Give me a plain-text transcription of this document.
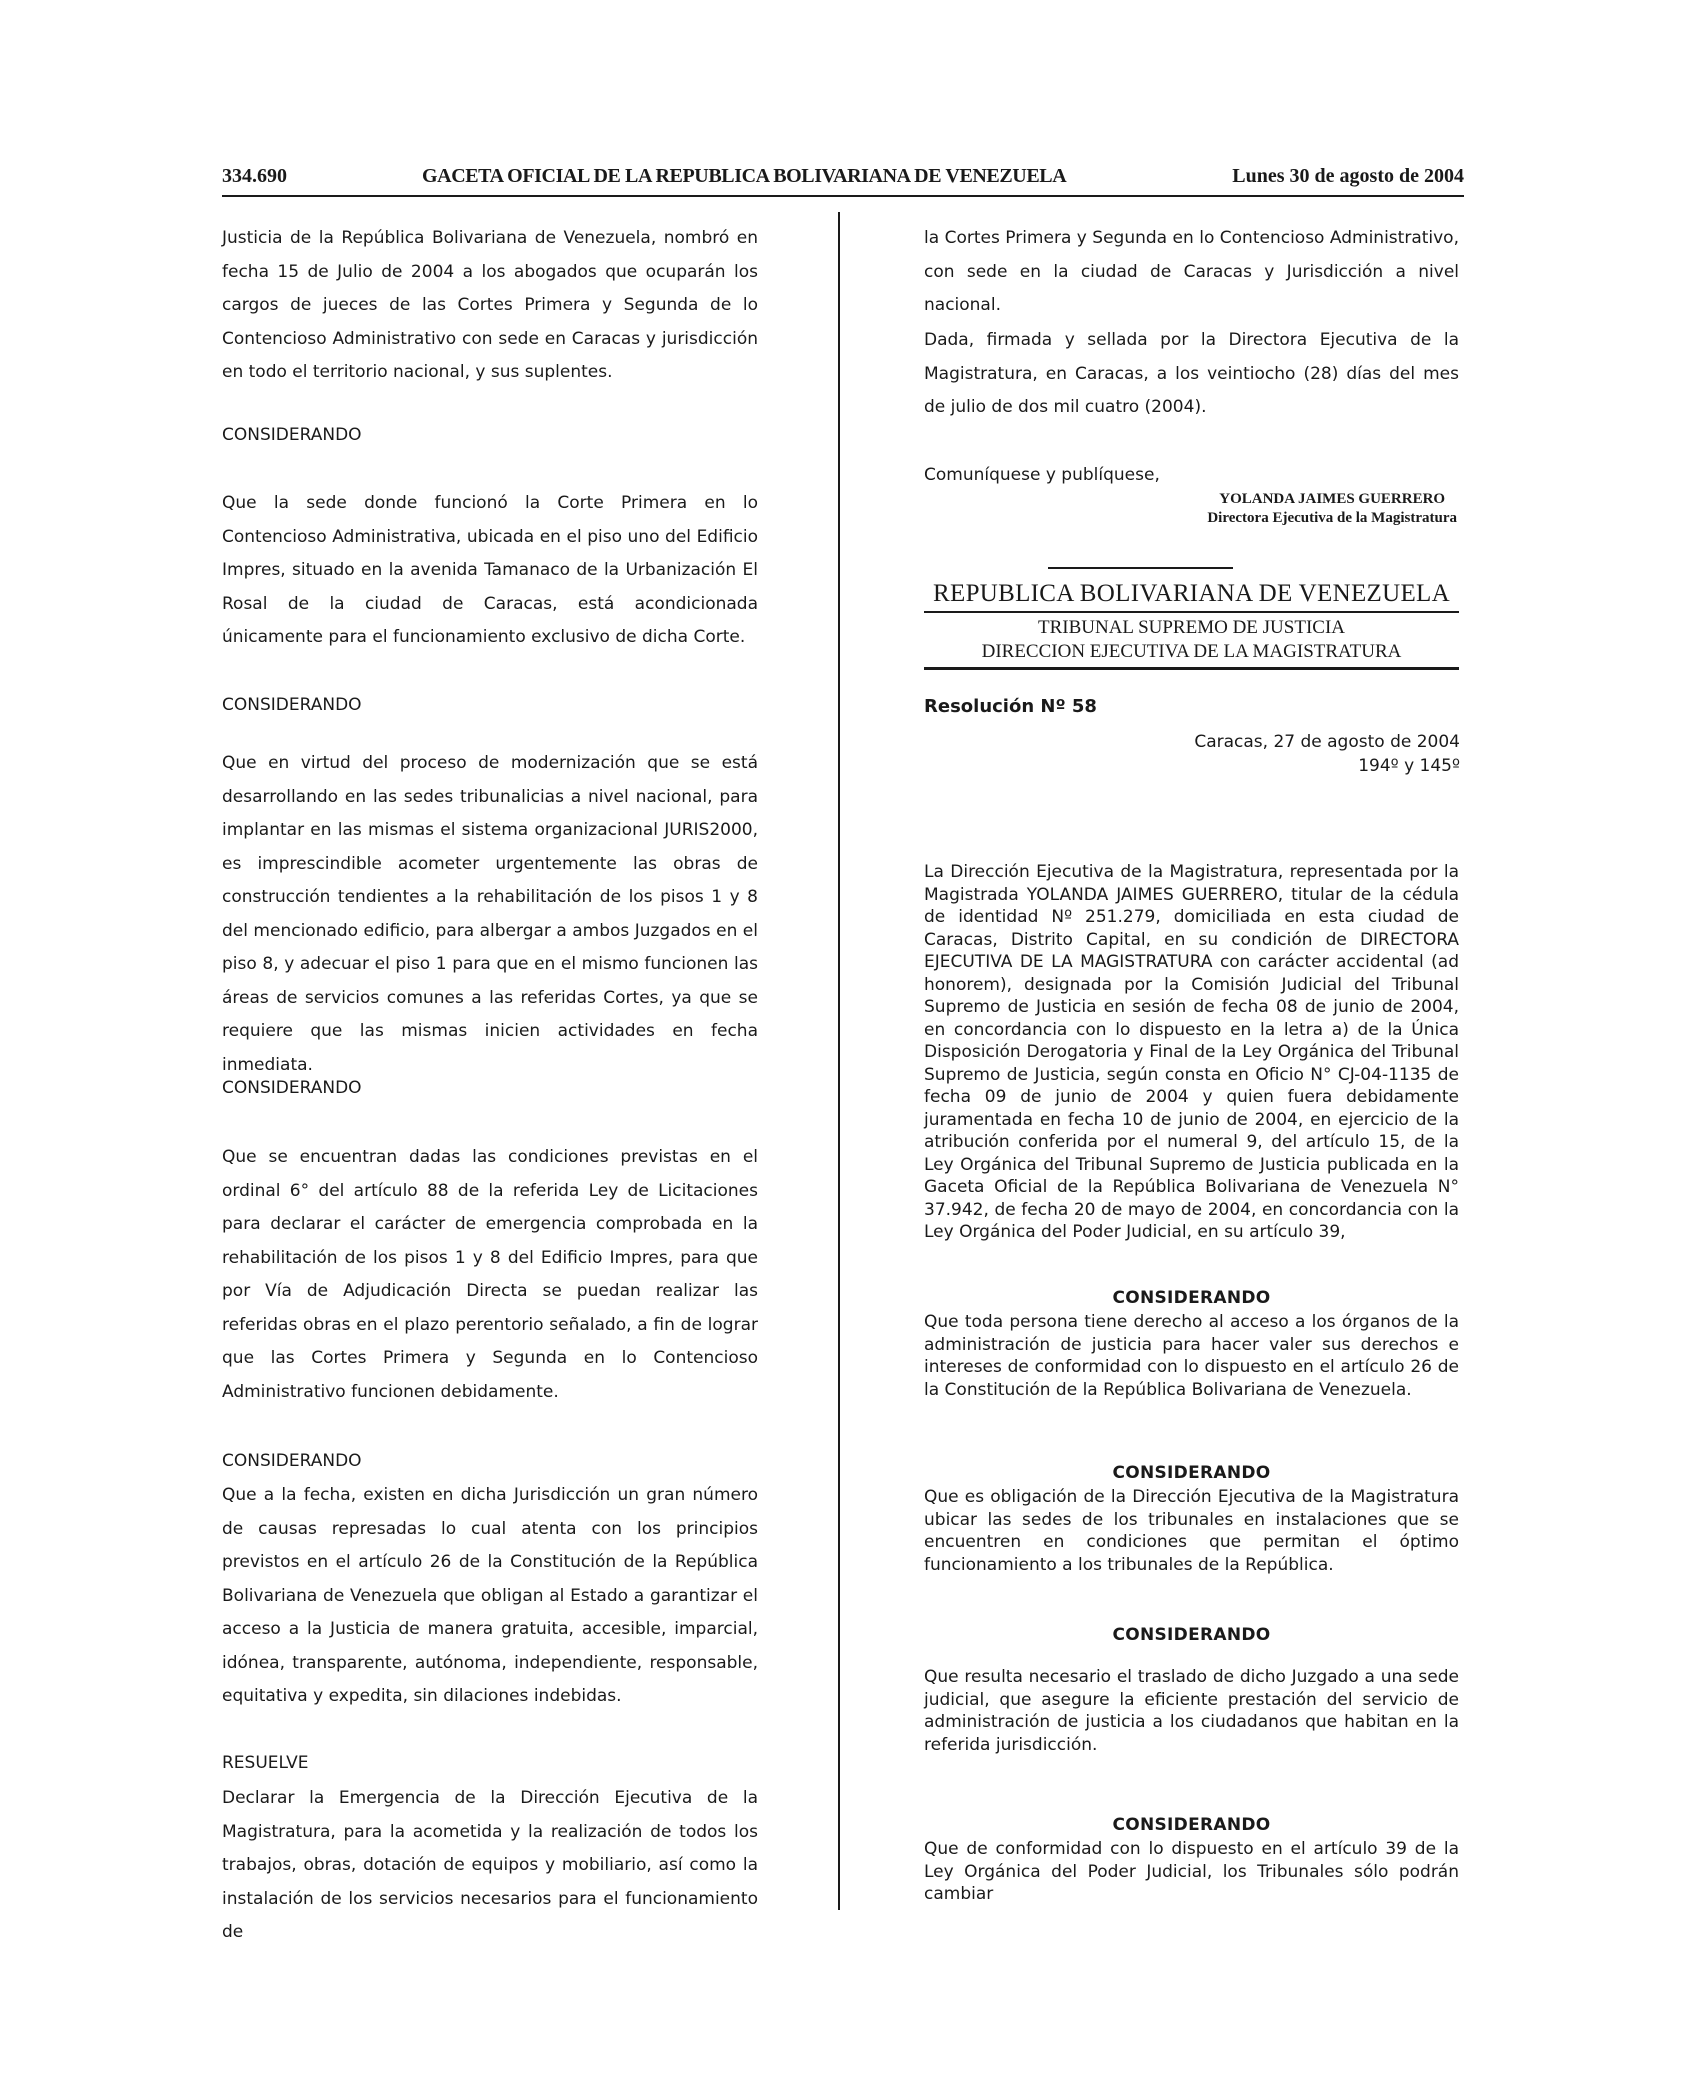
334.690	GACETA OFICIAL DE LA REPUBLICA BOLIVARIANA DE VENEZUELA	Lunes 30 de agosto de 2004

Justicia de la República Bolivariana de Venezuela, nombró en fecha 15 de Julio de 2004 a los abogados que ocuparán los cargos de jueces de las Cortes Primera y Segunda de lo Contencioso Administrativo con sede en Caracas y jurisdicción en todo el territorio nacional, y sus suplentes.

CONSIDERANDO

Que la sede donde funcionó la Corte Primera en lo Contencioso Administrativa, ubicada en el piso uno del Edificio Impres, situado en la avenida Tamanaco de la Urbanización El Rosal de la ciudad de Caracas, está acondicionada únicamente para el funcionamiento exclusivo de dicha Corte.

CONSIDERANDO

Que en virtud del proceso de modernización que se está desarrollando en las sedes tribunalicias a nivel nacional, para implantar en las mismas el sistema organizacional JURIS2000, es imprescindible acometer urgentemente las obras de construcción tendientes a la rehabilitación de los pisos 1 y 8 del mencionado edificio, para albergar a ambos Juzgados en el piso 8, y adecuar el piso 1 para que en el mismo funcionen las áreas de servicios comunes a las referidas Cortes, ya que se requiere que las mismas inicien actividades en fecha inmediata.

CONSIDERANDO

Que se encuentran dadas las condiciones previstas en el ordinal 6° del artículo 88 de la referida Ley de Licitaciones para declarar el carácter de emergencia comprobada en la rehabilitación de los pisos 1 y 8 del Edificio Impres, para que por Vía de Adjudicación Directa se puedan realizar las referidas obras en el plazo perentorio señalado, a fin de lograr que las Cortes Primera y Segunda en lo Contencioso Administrativo funcionen debidamente.

CONSIDERANDO

Que a la fecha, existen en dicha Jurisdicción un gran número de causas represadas lo cual atenta con los principios previstos en el artículo 26 de la Constitución de la República Bolivariana de Venezuela que obligan al Estado a garantizar el acceso a la Justicia de manera gratuita, accesible, imparcial, idónea, transparente, autónoma, independiente, responsable, equitativa y expedita, sin dilaciones indebidas.

RESUELVE

Declarar la Emergencia de la Dirección Ejecutiva de la Magistratura, para la acometida y la realización de todos los trabajos, obras, dotación de equipos y mobiliario, así como la instalación de los servicios necesarios para el funcionamiento de

la Cortes Primera y Segunda en lo Contencioso Administrativo, con sede en la ciudad de Caracas y Jurisdicción a nivel nacional.

Dada, firmada y sellada por la Directora Ejecutiva de la Magistratura, en Caracas, a los veintiocho (28) días del mes de julio de dos mil cuatro (2004).

Comuníquese y publíquese,

YOLANDA JAIMES GUERRERO
Directora Ejecutiva de la Magistratura
REPUBLICA BOLIVARIANA DE VENEZUELA
TRIBUNAL SUPREMO DE JUSTICIA
DIRECCION EJECUTIVA DE LA MAGISTRATURA
Resolución Nº 58
Caracas, 27 de agosto de 2004
194º y 145º

La Dirección Ejecutiva de la Magistratura, representada por la Magistrada YOLANDA JAIMES GUERRERO, titular de la cédula de identidad Nº 251.279, domiciliada en esta ciudad de Caracas, Distrito Capital, en su condición de DIRECTORA EJECUTIVA DE LA MAGISTRATURA con carácter accidental (ad honorem), designada por la Comisión Judicial del Tribunal Supremo de Justicia en sesión de fecha 08 de junio de 2004, en concordancia con lo dispuesto en la letra a) de la Única Disposición Derogatoria y Final de la Ley Orgánica del Tribunal Supremo de Justicia, según consta en Oficio N° CJ-04-1135 de fecha 09 de junio de 2004 y quien fuera debidamente juramentada en fecha 10 de junio de 2004, en ejercicio de la atribución conferida por el numeral 9, del artículo 15, de la Ley Orgánica del Tribunal Supremo de Justicia publicada en la Gaceta Oficial de la República Bolivariana de Venezuela N° 37.942, de fecha 20 de mayo de 2004, en concordancia con la Ley Orgánica del Poder Judicial, en su artículo 39,

CONSIDERANDO

Que toda persona tiene derecho al acceso a los órganos de la administración de justicia para hacer valer sus derechos e intereses de conformidad con lo dispuesto en el artículo 26 de la Constitución de la República Bolivariana de Venezuela.

CONSIDERANDO

Que es obligación de la Dirección Ejecutiva de la Magistratura ubicar las sedes de los tribunales en instalaciones que se encuentren en condiciones que permitan el óptimo funcionamiento a los tribunales de la República.

CONSIDERANDO

Que resulta necesario el traslado de dicho Juzgado a una sede judicial, que asegure la eficiente prestación del servicio de administración de justicia a los ciudadanos que habitan en la referida jurisdicción.

CONSIDERANDO

Que de conformidad con lo dispuesto en el artículo 39 de la Ley Orgánica del Poder Judicial, los Tribunales sólo podrán cambiar
